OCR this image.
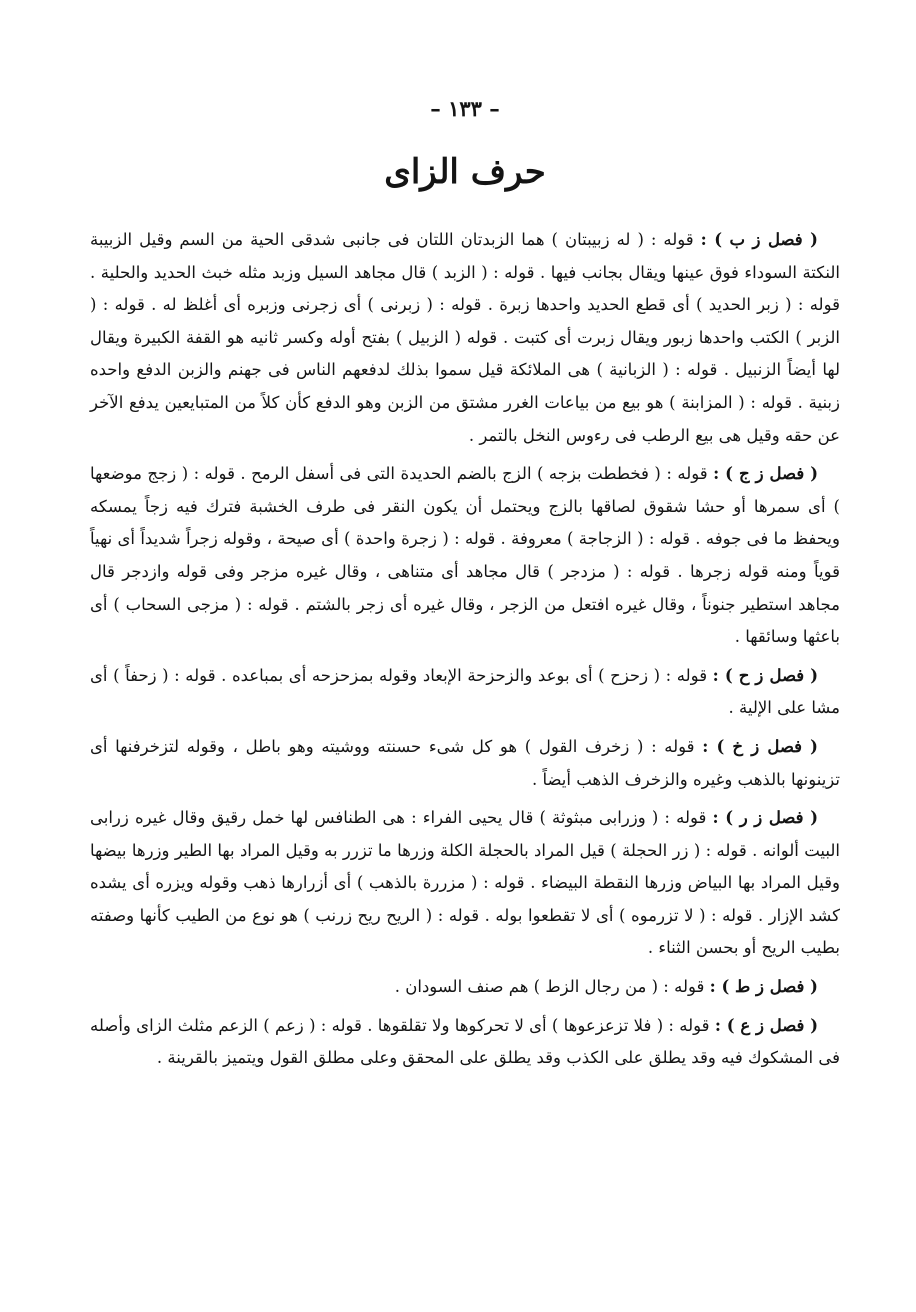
– ١٣٣ –
حرف الزاى

( فصل ز ب ) : قوله : ( له زبيبتان ) هما الزبدتان اللتان فى جانبى شدقى الحية من السم وقيل الزبيبة النكتة السوداء فوق عينها ويقال بجانب فيها . قوله : ( الزبد ) قال مجاهد السيل وزبد مثله خبث الحديد والحلية . قوله : ( زبر الحديد ) أى قطع الحديد واحدها زبرة . قوله : ( زبرنى ) أى زجرنى وزبره أى أغلظ له . قوله : ( الزبر ) الكتب واحدها زبور ويقال زبرت أى كتبت . قوله ( الزبيل ) بفتح أوله وكسر ثانيه هو القفة الكبيرة ويقال لها أيضاً الزنبيل . قوله : ( الزبانية ) هى الملائكة قيل سموا بذلك لدفعهم الناس فى جهنم والزبن الدفع واحده زبنية . قوله : ( المزابنة ) هو بيع من بياعات الغرر مشتق من الزبن وهو الدفع كأن كلاً من المتبايعين يدفع الآخر عن حقه وقيل هى بيع الرطب فى رءوس النخل بالتمر .

( فصل ز ج ) : قوله : ( فخططت بزجه ) الزج بالضم الحديدة التى فى أسفل الرمح . قوله : ( زجج موضعها ) أى سمرها أو حشا شقوق لصاقها بالزج ويحتمل أن يكون النقر فى طرف الخشبة فترك فيه زجاً يمسكه ويحفظ ما فى جوفه . قوله : ( الزجاجة ) معروفة . قوله : ( زجرة واحدة ) أى صيحة ، وقوله زجراً شديداً أى نهياً قوياً ومنه قوله زجرها . قوله : ( مزدجر ) قال مجاهد أى متناهى ، وقال غيره مزجر وفى قوله وازدجر قال مجاهد استطير جنوناً ، وقال غيره افتعل من الزجر ، وقال غيره أى زجر بالشتم . قوله : ( مزجى السحاب ) أى باعثها وسائقها .

( فصل ز ح ) : قوله : ( زحزح ) أى بوعد والزحزحة الإبعاد وقوله بمزحزحه أى بمباعده . قوله : ( زحفاً ) أى مشا على الإلية .

( فصل ز خ ) : قوله : ( زخرف القول ) هو كل شىء حسنته ووشيته وهو باطل ، وقوله لتزخرفنها أى تزينونها بالذهب وغيره والزخرف الذهب أيضاً .

( فصل ز ر ) : قوله : ( وزرابى مبثوثة ) قال يحيى الفراء : هى الطنافس لها خمل رقيق وقال غيره زرابى البيت ألوانه . قوله : ( زر الحجلة ) قيل المراد بالحجلة الكلة وزرها ما تزرر به وقيل المراد بها الطير وزرها بيضها وقيل المراد بها البياض وزرها النقطة البيضاء . قوله : ( مزررة بالذهب ) أى أزرارها ذهب وقوله ويزره أى يشده كشد الإزار . قوله : ( لا تزرموه ) أى لا تقطعوا بوله . قوله : ( الريح ريح زرنب ) هو نوع من الطيب كأنها وصفته بطيب الريح أو بحسن الثناء .

( فصل ز ط ) : قوله : ( من رجال الزط ) هم صنف السودان .

( فصل ز ع ) : قوله : ( فلا تزعزعوها ) أى لا تحركوها ولا تقلقوها . قوله : ( زعم ) الزعم مثلث الزاى وأصله فى المشكوك فيه وقد يطلق على الكذب وقد يطلق على المحقق وعلى مطلق القول ويتميز بالقرينة .
